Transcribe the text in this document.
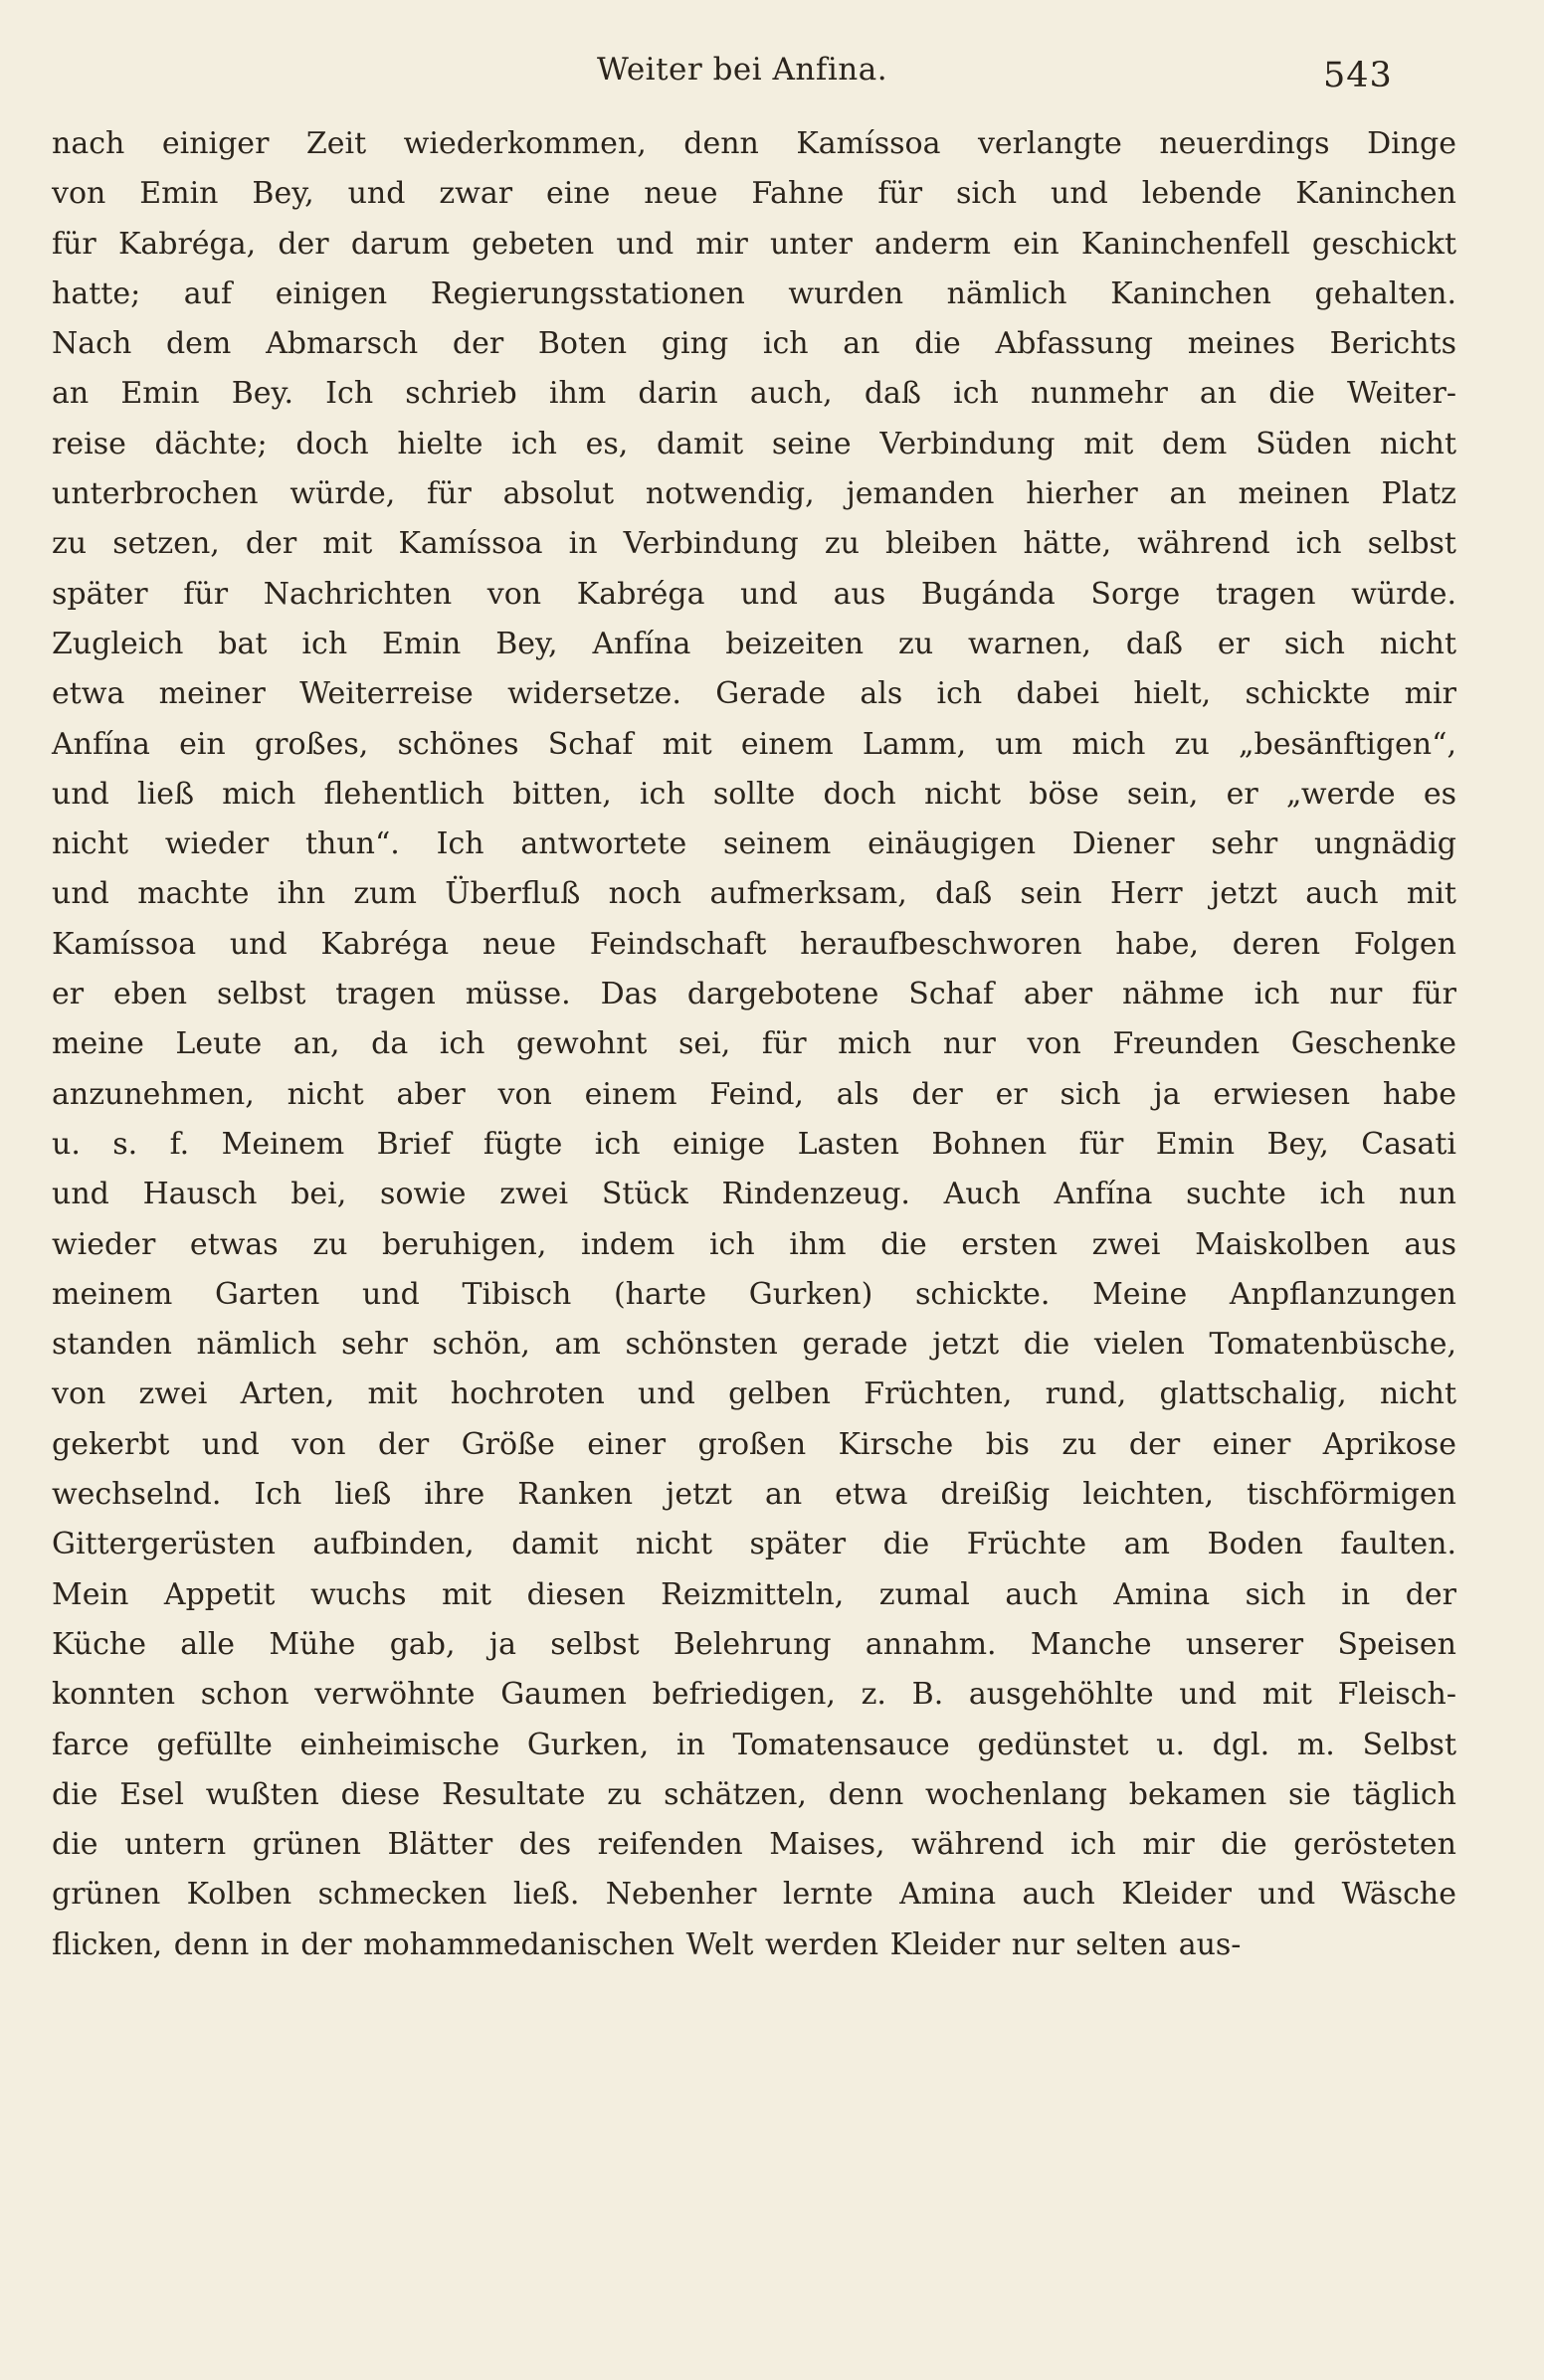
Weiter bei Anfina.	543
nach einiger Zeit wiederkommen, denn Kamíssoa verlangte neuerdings Dinge
von Emin Bey, und zwar eine neue Fahne für sich und lebende Kaninchen
für Kabréga, der darum gebeten und mir unter anderm ein Kaninchenfell geschickt
hatte; auf einigen Regierungsstationen wurden nämlich Kaninchen gehalten.
Nach dem Abmarsch der Boten ging ich an die Abfassung meines Berichts
an Emin Bey. Ich schrieb ihm darin auch, daß ich nunmehr an die Weiter-
reise dächte; doch hielte ich es, damit seine Verbindung mit dem Süden nicht
unterbrochen würde, für absolut notwendig, jemanden hierher an meinen Platz
zu setzen, der mit Kamíssoa in Verbindung zu bleiben hätte, während ich selbst
später für Nachrichten von Kabréga und aus Bugánda Sorge tragen würde.
Zugleich bat ich Emin Bey, Anfína beizeiten zu warnen, daß er sich nicht
etwa meiner Weiterreise widersetze. Gerade als ich dabei hielt, schickte mir
Anfína ein großes, schönes Schaf mit einem Lamm, um mich zu „besänftigen“,
und ließ mich flehentlich bitten, ich sollte doch nicht böse sein, er „werde es
nicht wieder thun“. Ich antwortete seinem einäugigen Diener sehr ungnädig
und machte ihn zum Überfluß noch aufmerksam, daß sein Herr jetzt auch mit
Kamíssoa und Kabréga neue Feindschaft heraufbeschworen habe, deren Folgen
er eben selbst tragen müsse. Das dargebotene Schaf aber nähme ich nur für
meine Leute an, da ich gewohnt sei, für mich nur von Freunden Geschenke
anzunehmen, nicht aber von einem Feind, als der er sich ja erwiesen habe
u. s. f. Meinem Brief fügte ich einige Lasten Bohnen für Emin Bey, Casati
und Hausch bei, sowie zwei Stück Rindenzeug. Auch Anfína suchte ich nun
wieder etwas zu beruhigen, indem ich ihm die ersten zwei Maiskolben aus
meinem Garten und Tibisch (harte Gurken) schickte. Meine Anpflanzungen
standen nämlich sehr schön, am schönsten gerade jetzt die vielen Tomatenbüsche,
von zwei Arten, mit hochroten und gelben Früchten, rund, glattschalig, nicht
gekerbt und von der Größe einer großen Kirsche bis zu der einer Aprikose
wechselnd. Ich ließ ihre Ranken jetzt an etwa dreißig leichten, tischförmigen
Gittergerüsten aufbinden, damit nicht später die Früchte am Boden faulten.
Mein Appetit wuchs mit diesen Reizmitteln, zumal auch Amina sich in der
Küche alle Mühe gab, ja selbst Belehrung annahm. Manche unserer Speisen
konnten schon verwöhnte Gaumen befriedigen, z. B. ausgehöhlte und mit Fleisch-
farce gefüllte einheimische Gurken, in Tomatensauce gedünstet u. dgl. m. Selbst
die Esel wußten diese Resultate zu schätzen, denn wochenlang bekamen sie täglich
die untern grünen Blätter des reifenden Maises, während ich mir die gerösteten
grünen Kolben schmecken ließ. Nebenher lernte Amina auch Kleider und Wäsche
flicken, denn in der mohammedanischen Welt werden Kleider nur selten aus-
